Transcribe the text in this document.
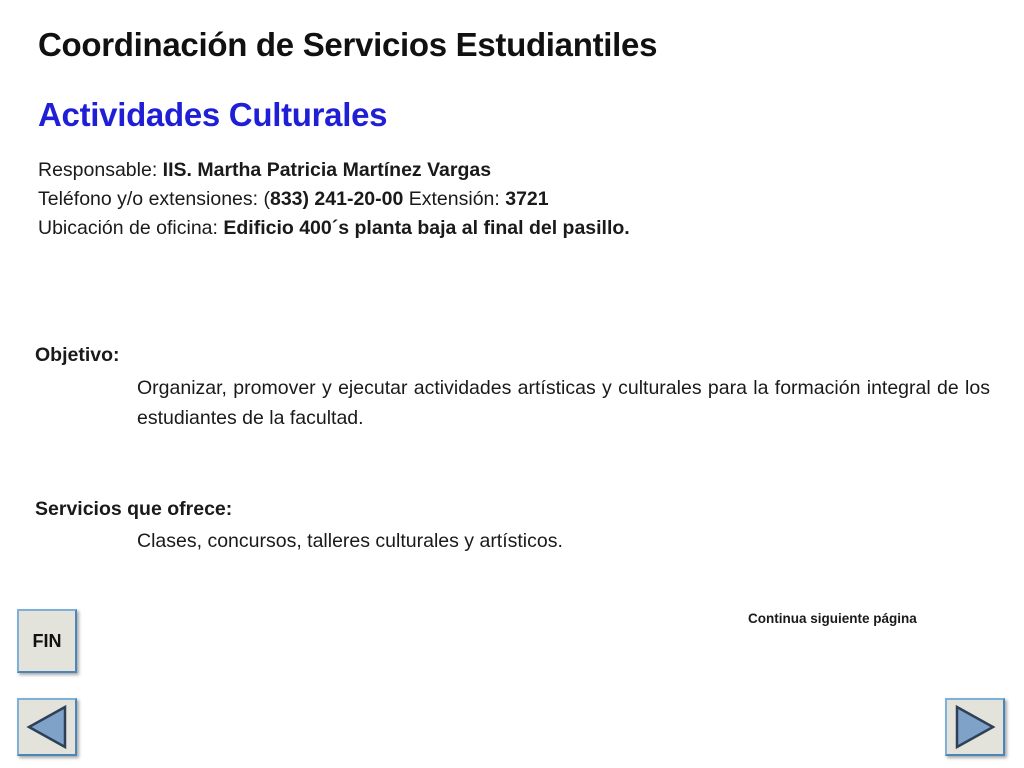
Coordinación de Servicios Estudiantiles
Actividades Culturales
Responsable: IIS. Martha Patricia Martínez Vargas
Teléfono y/o extensiones: (833) 241-20-00 Extensión: 3721
Ubicación de oficina: Edificio 400´s planta baja al final del pasillo.
Objetivo:
Organizar, promover y ejecutar actividades artísticas y culturales para la formación integral de los estudiantes de la facultad.
Servicios que ofrece:
Clases, concursos, talleres culturales y artísticos.
Continua siguiente página
FIN
